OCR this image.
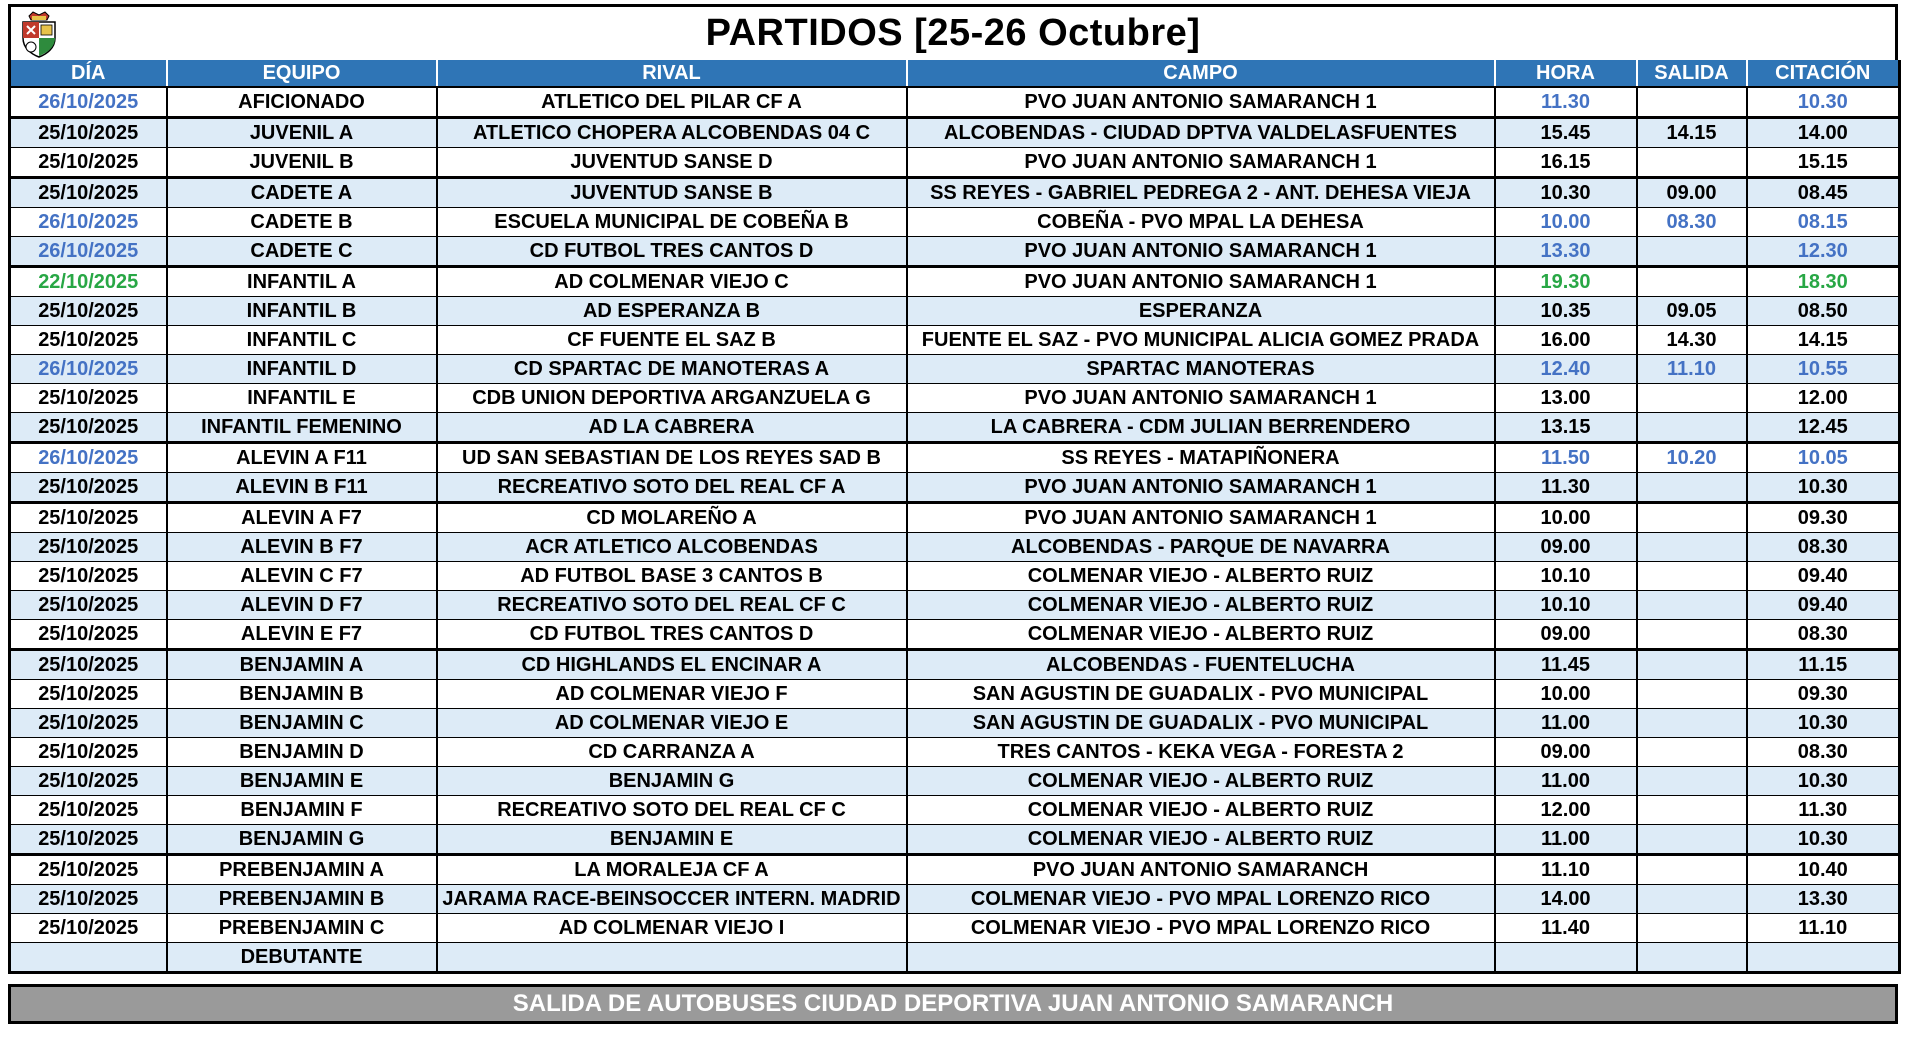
PARTIDOS [25-26 Octubre]
DÍA	EQUIPO	RIVAL	CAMPO	HORA	SALIDA	CITACIÓN
26/10/2025	AFICIONADO	ATLETICO DEL PILAR CF A	PVO JUAN ANTONIO SAMARANCH 1	11.30		10.30
25/10/2025	JUVENIL A	ATLETICO CHOPERA ALCOBENDAS 04 C	ALCOBENDAS - CIUDAD DPTVA VALDELASFUENTES	15.45	14.15	14.00
25/10/2025	JUVENIL B	JUVENTUD SANSE D	PVO JUAN ANTONIO SAMARANCH 1	16.15		15.15
25/10/2025	CADETE A	JUVENTUD SANSE B	SS REYES - GABRIEL PEDREGA 2 - ANT. DEHESA VIEJA	10.30	09.00	08.45
26/10/2025	CADETE B	ESCUELA MUNICIPAL DE COBEÑA B	COBEÑA - PVO MPAL LA DEHESA	10.00	08.30	08.15
26/10/2025	CADETE C	CD FUTBOL TRES CANTOS D	PVO JUAN ANTONIO SAMARANCH 1	13.30		12.30
22/10/2025	INFANTIL A	AD COLMENAR VIEJO C	PVO JUAN ANTONIO SAMARANCH 1	19.30		18.30
25/10/2025	INFANTIL B	AD ESPERANZA B	ESPERANZA	10.35	09.05	08.50
25/10/2025	INFANTIL C	CF FUENTE EL SAZ B	FUENTE EL SAZ - PVO MUNICIPAL ALICIA GOMEZ PRADA	16.00	14.30	14.15
26/10/2025	INFANTIL D	CD SPARTAC DE MANOTERAS A	SPARTAC MANOTERAS	12.40	11.10	10.55
25/10/2025	INFANTIL E	CDB UNION DEPORTIVA ARGANZUELA G	PVO JUAN ANTONIO SAMARANCH 1	13.00		12.00
25/10/2025	INFANTIL FEMENINO	AD LA CABRERA	LA CABRERA - CDM JULIAN BERRENDERO	13.15		12.45
26/10/2025	ALEVIN A F11	UD SAN SEBASTIAN DE LOS REYES SAD B	SS REYES - MATAPIÑONERA	11.50	10.20	10.05
25/10/2025	ALEVIN B F11	RECREATIVO SOTO DEL REAL CF A	PVO JUAN ANTONIO SAMARANCH 1	11.30		10.30
25/10/2025	ALEVIN A F7	CD MOLAREÑO A	PVO JUAN ANTONIO SAMARANCH 1	10.00		09.30
25/10/2025	ALEVIN B F7	ACR ATLETICO ALCOBENDAS	ALCOBENDAS - PARQUE DE NAVARRA	09.00		08.30
25/10/2025	ALEVIN C F7	AD FUTBOL BASE 3 CANTOS B	COLMENAR VIEJO - ALBERTO RUIZ	10.10		09.40
25/10/2025	ALEVIN D F7	RECREATIVO SOTO DEL REAL CF C	COLMENAR VIEJO - ALBERTO RUIZ	10.10		09.40
25/10/2025	ALEVIN E F7	CD FUTBOL TRES CANTOS D	COLMENAR VIEJO - ALBERTO RUIZ	09.00		08.30
25/10/2025	BENJAMIN A	CD HIGHLANDS EL ENCINAR A	ALCOBENDAS - FUENTELUCHA	11.45		11.15
25/10/2025	BENJAMIN B	AD COLMENAR VIEJO F	SAN AGUSTIN DE GUADALIX - PVO MUNICIPAL	10.00		09.30
25/10/2025	BENJAMIN C	AD COLMENAR VIEJO E	SAN AGUSTIN DE GUADALIX - PVO MUNICIPAL	11.00		10.30
25/10/2025	BENJAMIN D	CD CARRANZA A	TRES CANTOS - KEKA VEGA - FORESTA 2	09.00		08.30
25/10/2025	BENJAMIN E	BENJAMIN G	COLMENAR VIEJO - ALBERTO RUIZ	11.00		10.30
25/10/2025	BENJAMIN F	RECREATIVO SOTO DEL REAL CF C	COLMENAR VIEJO - ALBERTO RUIZ	12.00		11.30
25/10/2025	BENJAMIN G	BENJAMIN E	COLMENAR VIEJO - ALBERTO RUIZ	11.00		10.30
25/10/2025	PREBENJAMIN A	LA MORALEJA CF A	PVO JUAN ANTONIO SAMARANCH	11.10		10.40
25/10/2025	PREBENJAMIN B	JARAMA RACE-BEINSOCCER INTERN. MADRID	COLMENAR VIEJO - PVO MPAL LORENZO RICO	14.00		13.30
25/10/2025	PREBENJAMIN C	AD COLMENAR VIEJO I	COLMENAR VIEJO - PVO MPAL LORENZO RICO	11.40		11.10
	DEBUTANTE					
SALIDA DE AUTOBUSES CIUDAD DEPORTIVA JUAN ANTONIO SAMARANCH
